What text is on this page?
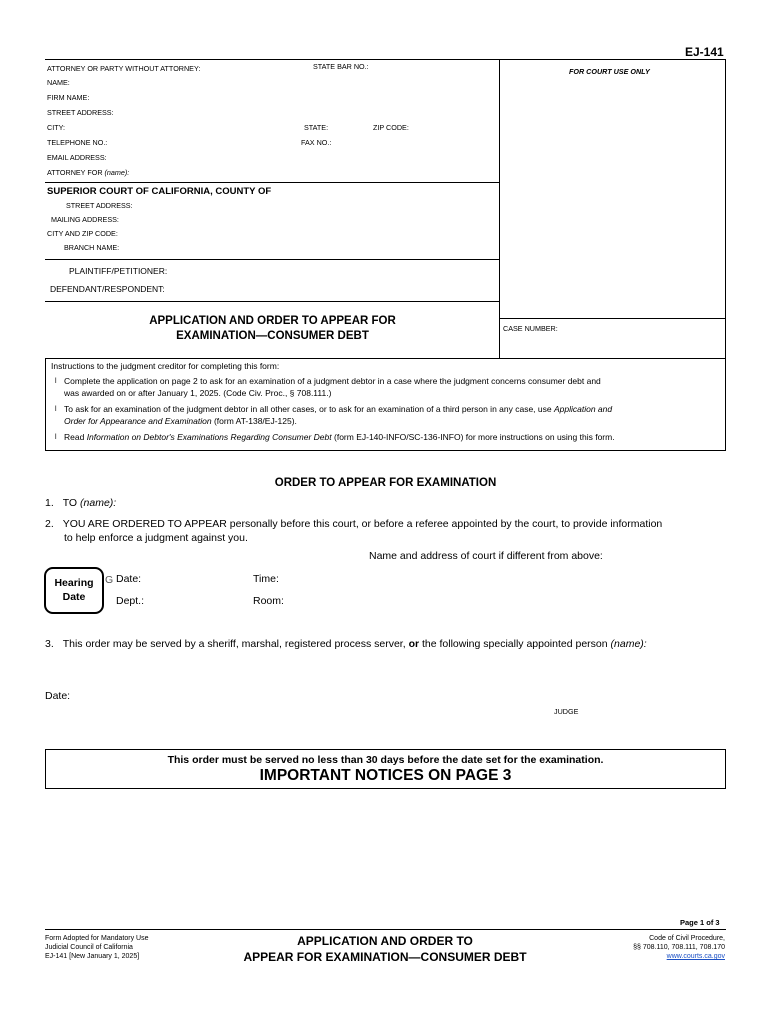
EJ-141
ATTORNEY OR PARTY WITHOUT ATTORNEY:	STATE BAR NO.:
FOR COURT USE ONLY
NAME:
FIRM NAME:
STREET ADDRESS:
CITY:	STATE:	ZIP CODE:
TELEPHONE NO.:	FAX NO.:
EMAIL ADDRESS:
ATTORNEY FOR (name):
SUPERIOR COURT OF CALIFORNIA, COUNTY OF
STREET ADDRESS:
MAILING ADDRESS:
CITY AND ZIP CODE:
BRANCH NAME:
PLAINTIFF/PETITIONER:
DEFENDANT/RESPONDENT:
APPLICATION AND ORDER TO APPEAR FOR
EXAMINATION—CONSUMER DEBT
CASE NUMBER:
Instructions to the judgment creditor for completing this form:
l Complete the application on page 2 to ask for an examination of a judgment debtor in a case where the judgment concerns consumer debt and
was awarded on or after January 1, 2025. (Code Civ. Proc., § 708.111.)
l To ask for an examination of the judgment debtor in all other cases, or to ask for an examination of a third person in any case, use Application and
Order for Appearance and Examination (form AT-138/EJ-125).
l Read Information on Debtor's Examinations Regarding Consumer Debt (form EJ-140-INFO/SC-136-INFO) for more instructions on using this form.
ORDER TO APPEAR FOR EXAMINATION
1. TO (name):
2. YOU ARE ORDERED TO APPEAR personally before this court, or before a referee appointed by the court, to provide information
to help enforce a judgment against you.
Name and address of court if different from above:
Hearing
Date
G Date:	Time:
Dept.:	Room:
3. This order may be served by a sheriff, marshal, registered process server, or the following specially appointed person (name):
Date:
JUDGE
This order must be served no less than 30 days before the date set for the examination.
IMPORTANT NOTICES ON PAGE 3
Page 1 of 3
Form Adopted for Mandatory Use
Judicial Council of California
EJ-141 [New January 1, 2025]
APPLICATION AND ORDER TO
APPEAR FOR EXAMINATION—CONSUMER DEBT
Code of Civil Procedure,
§§ 708.110, 708.111, 708.170
www.courts.ca.gov
